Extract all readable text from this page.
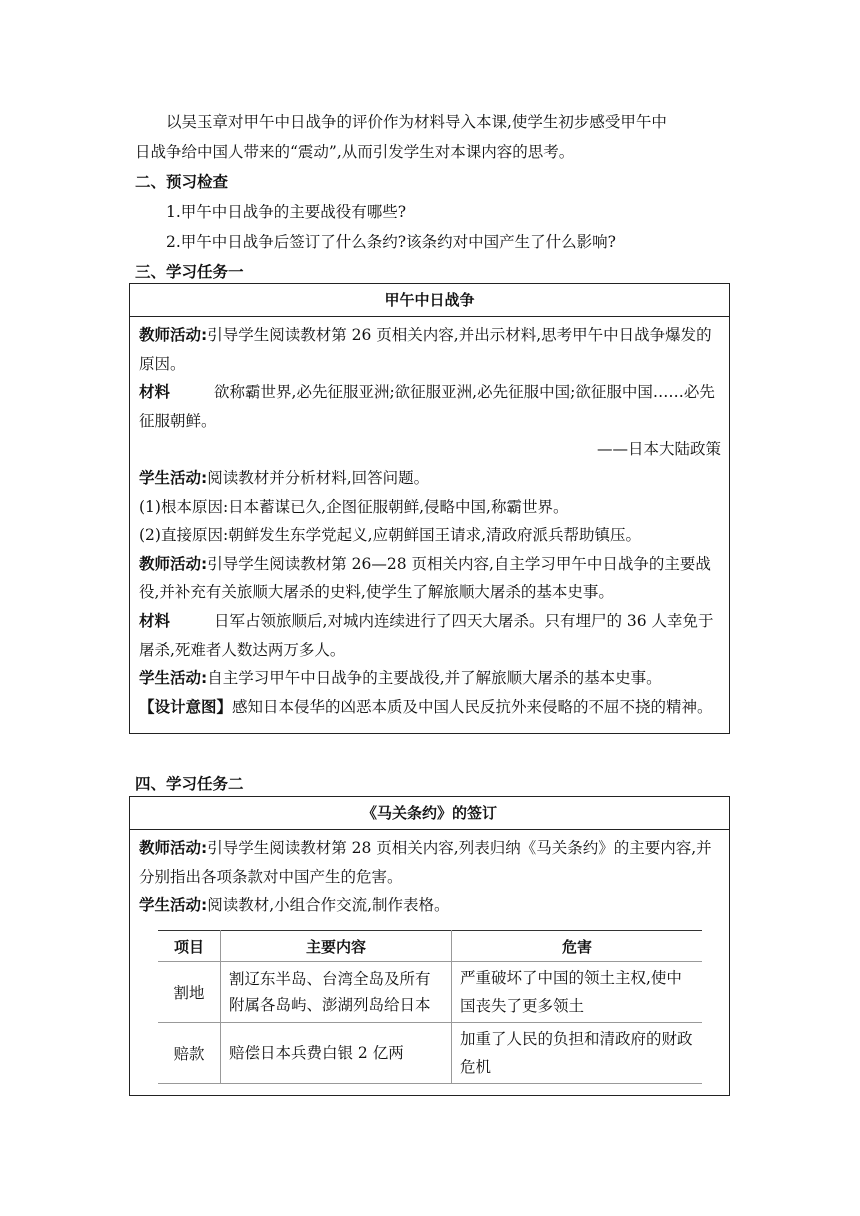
以吴玉章对甲午中日战争的评价作为材料导入本课,使学生初步感受甲午中
日战争给中国人带来的“震动”,从而引发学生对本课内容的思考。
二、预习检查
1.甲午中日战争的主要战役有哪些?
2.甲午中日战争后签订了什么条约?该条约对中国产生了什么影响?
三、学习任务一
甲午中日战争

教师活动:引导学生阅读教材第 26 页相关内容,并出示材料,思考甲午中日战争爆发的原因。

材料	欲称霸世界,必先征服亚洲;欲征服亚洲,必先征服中国;欲征服中国……必先征服朝鲜。

——日本大陆政策

学生活动:阅读教材并分析材料,回答问题。

(1)根本原因:日本蓄谋已久,企图征服朝鲜,侵略中国,称霸世界。

(2)直接原因:朝鲜发生东学党起义,应朝鲜国王请求,清政府派兵帮助镇压。

教师活动:引导学生阅读教材第 26—28 页相关内容,自主学习甲午中日战争的主要战役,并补充有关旅顺大屠杀的史料,使学生了解旅顺大屠杀的基本史事。

材料	日军占领旅顺后,对城内连续进行了四天大屠杀。只有埋尸的 36 人幸免于屠杀,死难者人数达两万多人。

学生活动:自主学习甲午中日战争的主要战役,并了解旅顺大屠杀的基本史事。

【设计意图】感知日本侵华的凶恶本质及中国人民反抗外来侵略的不屈不挠的精神。

四、学习任务二
《马关条约》的签订

教师活动:引导学生阅读教材第 28 页相关内容,列表归纳《马关条约》的主要内容,并分别指出各项条款对中国产生的危害。

学生活动:阅读教材,小组合作交流,制作表格。

项目	主要内容	危害
割地	割辽东半岛、台湾全岛及所有附属各岛屿、澎湖列岛给日本	严重破坏了中国的领土主权,使中国丧失了更多领土
赔款	赔偿日本兵费白银 2 亿两	加重了人民的负担和清政府的财政危机
